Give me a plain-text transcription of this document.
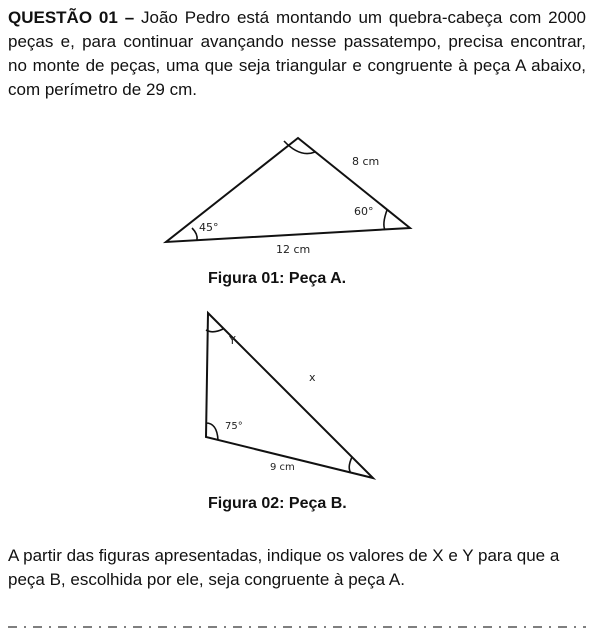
QUESTÃO 01 – João Pedro está montando um quebra-cabeça com 2000 peças e, para continuar avançando nesse passatempo, precisa encontrar, no monte de peças, uma que seja triangular e congruente à peça A abaixo, com perímetro de 29 cm.

8 cm
60°
45°
12 cm

Figura 01: Peça A.

Y
x
75°
9 cm

Figura 02: Peça B.

A partir das figuras apresentadas, indique os valores de X e Y para que a peça B, escolhida por ele, seja congruente à peça A.
